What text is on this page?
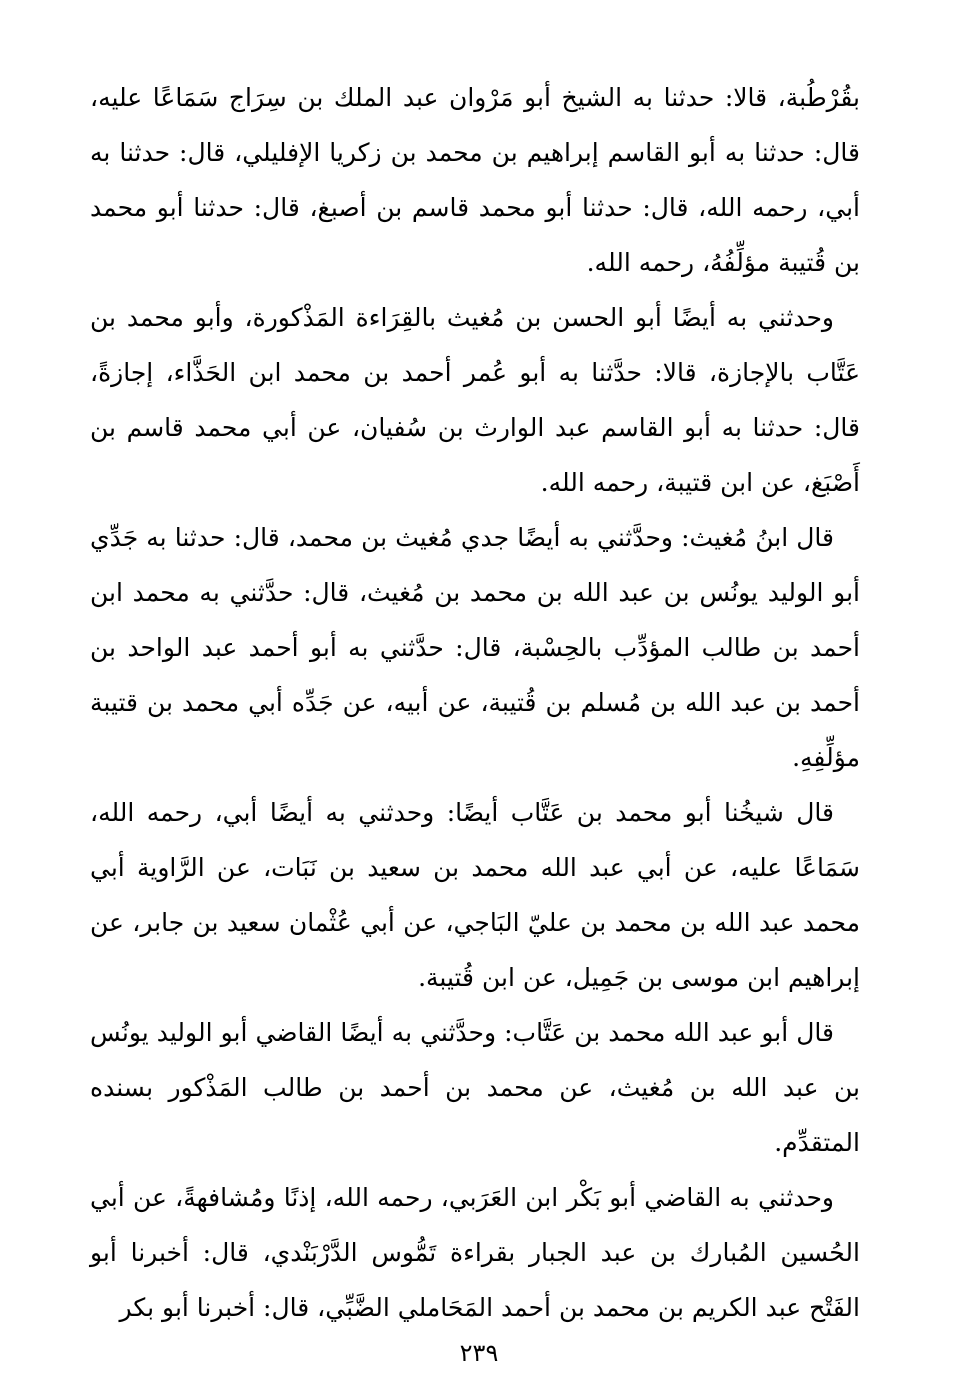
بقُرْطُبة، قالا: حدثنا به الشيخ أبو مَرْوان عبد الملك بن سِرَاج سَمَاعًا عليه، قال: حدثنا به أبو القاسم إبراهيم بن محمد بن زكريا الإفليلي، قال: حدثنا به أبي، رحمه الله، قال: حدثنا أبو محمد قاسم بن أصبغ، قال: حدثنا أبو محمد بن قُتيبة مؤلِّفُهُ، رحمه الله.

وحدثني به أيضًا أبو الحسن بن مُغيث بالقِرَاءة المَذْكورة، وأبو محمد بن عَتَّاب بالإجازة، قالا: حدَّثنا به أبو عُمر أحمد بن محمد ابن الحَذَّاء، إجازةً، قال: حدثنا به أبو القاسم عبد الوارث بن سُفيان، عن أبي محمد قاسم بن أَصْبَغ، عن ابن قتيبة، رحمه الله.

قال ابنُ مُغيث: وحدَّثني به أيضًا جدي مُغيث بن محمد، قال: حدثنا به جَدِّي أبو الوليد يونُس بن عبد الله بن محمد بن مُغيث، قال: حدَّثني به محمد ابن أحمد بن طالب المؤدِّب بالحِسْبة، قال: حدَّثني به أبو أحمد عبد الواحد بن أحمد بن عبد الله بن مُسلم بن قُتيبة، عن أبيه، عن جَدِّه أبي محمد بن قتيبة مؤلِّفِهِ.

قال شيخُنا أبو محمد بن عَتَّاب أيضًا: وحدثني به أيضًا أبي، رحمه الله، سَمَاعًا عليه، عن أبي عبد الله محمد بن سعيد بن نَبَات، عن الرَّاوية أبي محمد عبد الله بن محمد بن عليّ البَاجي، عن أبي عُثْمان سعيد بن جابر، عن إبراهيم ابن موسى بن جَمِيل، عن ابن قُتيبة.

قال أبو عبد الله محمد بن عَتَّاب: وحدَّثني به أيضًا القاضي أبو الوليد يونُس بن عبد الله بن مُغيث، عن محمد بن أحمد بن طالب المَذْكور بسنده المتقدِّم.

وحدثني به القاضي أبو بَكْر ابن العَرَبي، رحمه الله، إذنًا ومُشافهةً، عن أبي الحُسين المُبارك بن عبد الجبار بقراءة تَمُّوس الدَّرْبَنْدي، قال: أخبرنا أبو الفَتْح عبد الكريم بن محمد بن أحمد المَحَاملي الضَّبِّي، قال: أخبرنا أبو بكر

٢٣٩
